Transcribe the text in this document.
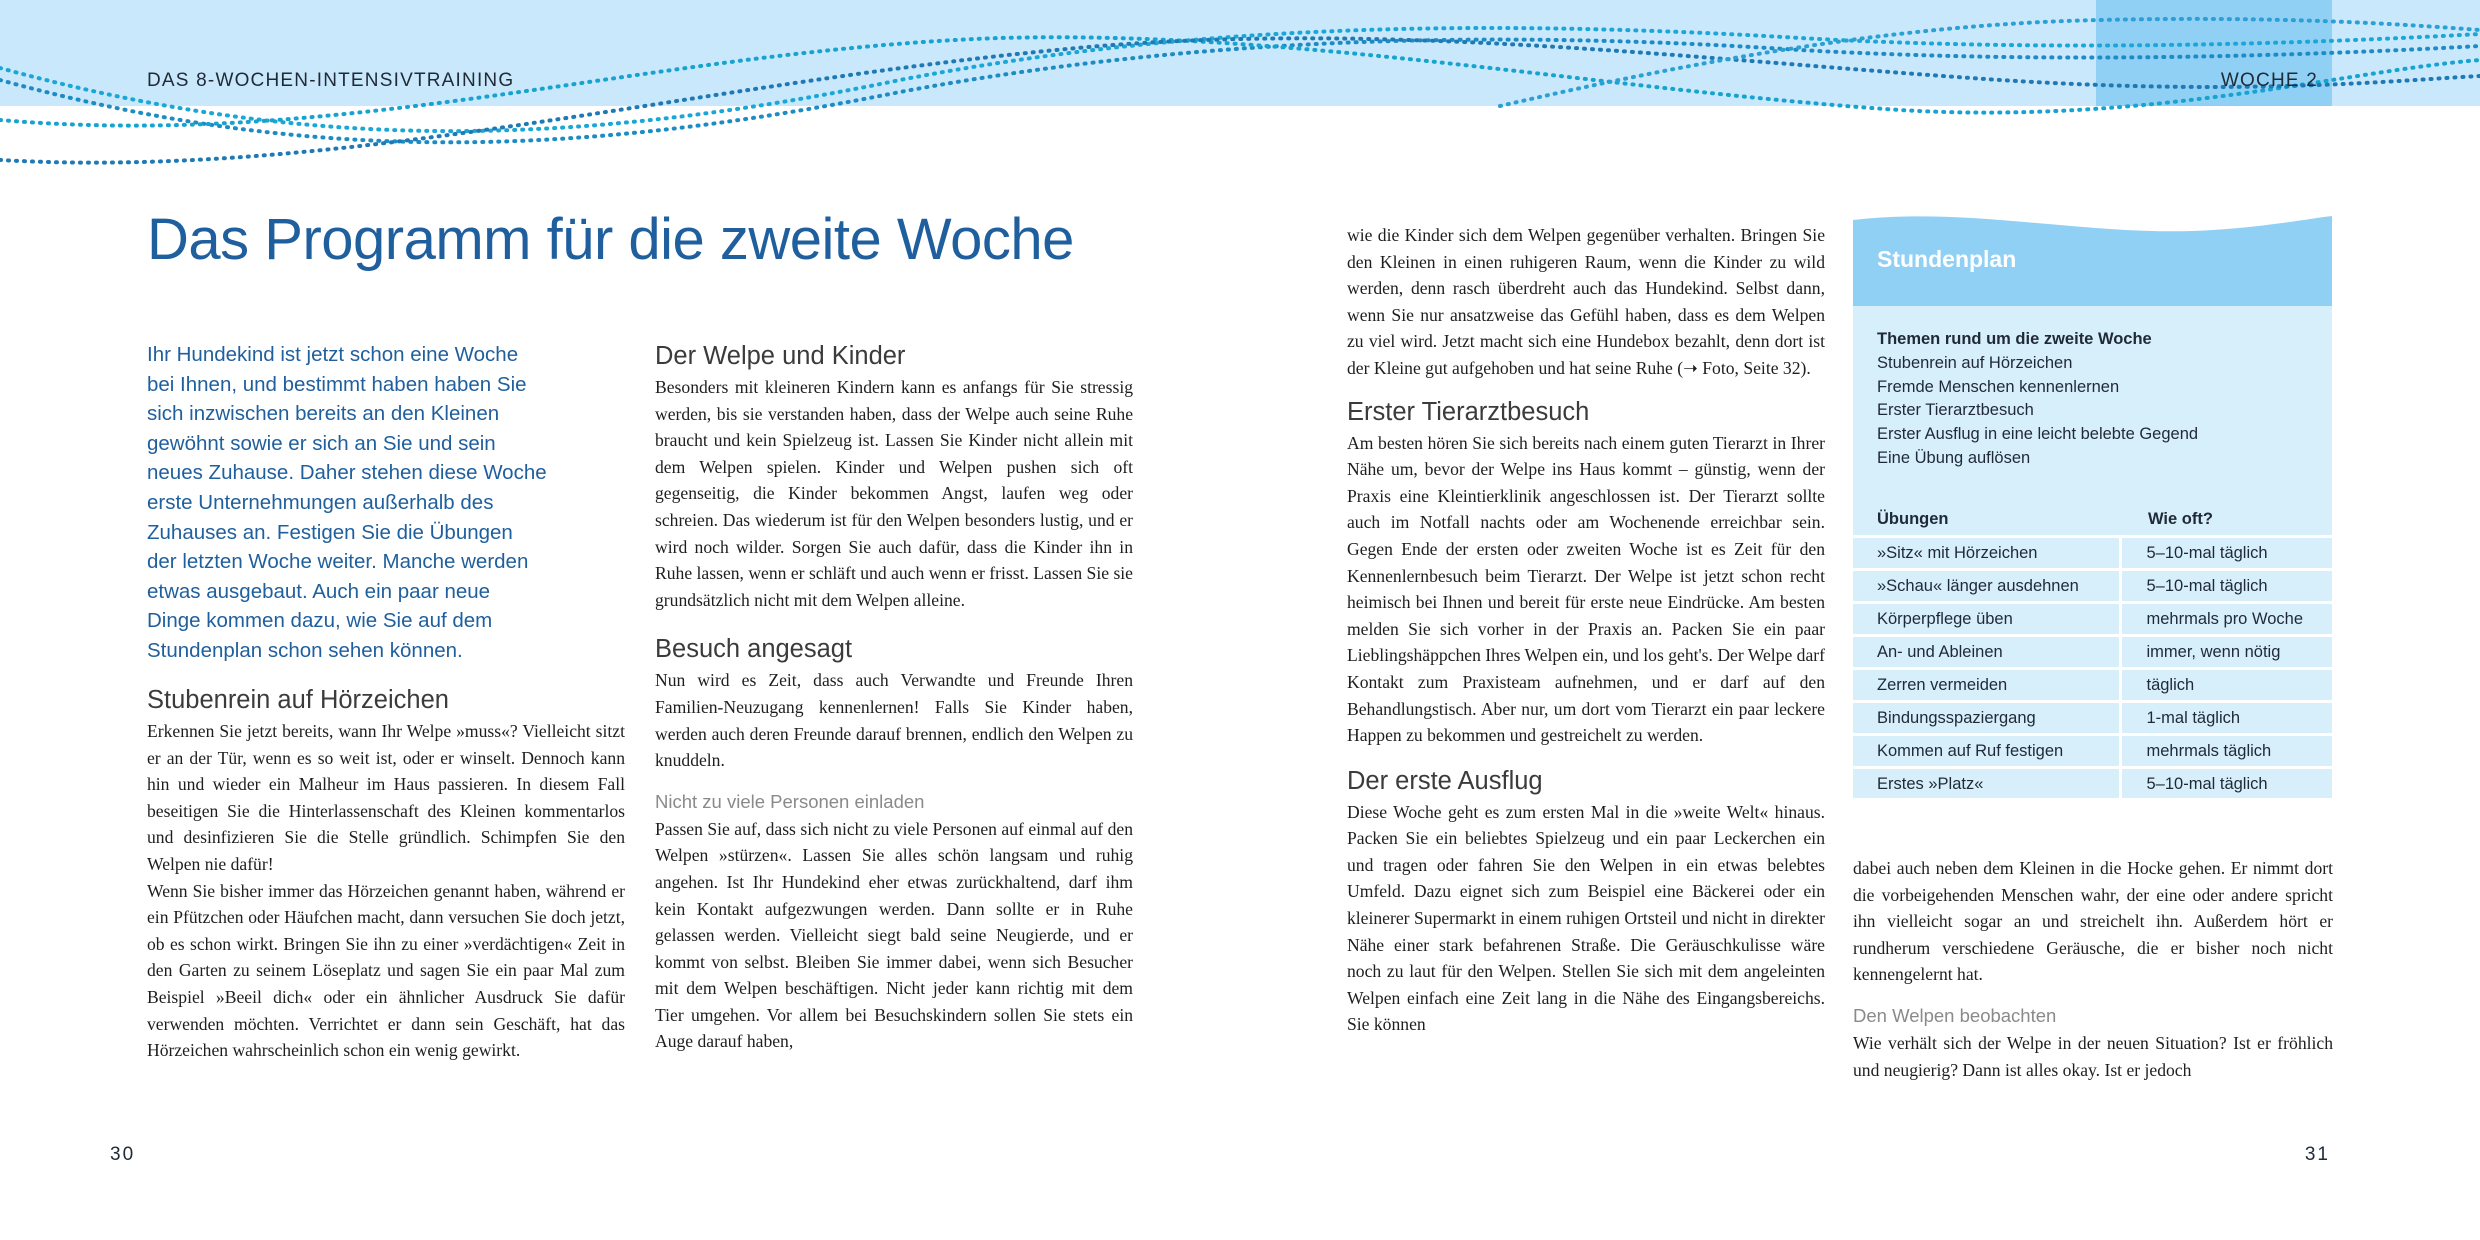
DAS 8-WOCHEN-INTENSIVTRAINING	WOCHE 2
Das Programm für die zweite Woche

Ihr Hundekind ist jetzt schon eine Woche bei Ihnen, und bestimmt haben haben Sie sich inzwischen bereits an den Kleinen gewöhnt sowie er sich an Sie und sein neues Zuhause. Daher stehen diese Woche erste Unternehmungen außerhalb des Zuhauses an. Festigen Sie die Übungen der letzten Woche weiter. Manche werden etwas ausgebaut. Auch ein paar neue Dinge kommen dazu, wie Sie auf dem Stundenplan schon sehen können.

Stubenrein auf Hörzeichen

Erkennen Sie jetzt bereits, wann Ihr Welpe »muss«? Vielleicht sitzt er an der Tür, wenn es so weit ist, oder er winselt. Dennoch kann hin und wieder ein Malheur im Haus passieren. In diesem Fall beseitigen Sie die Hinterlassenschaft des Kleinen kommentarlos und desinfizieren Sie die Stelle gründlich. Schimpfen Sie den Welpen nie dafür!

Wenn Sie bisher immer das Hörzeichen genannt haben, während er ein Pfützchen oder Häufchen macht, dann versuchen Sie doch jetzt, ob es schon wirkt. Bringen Sie ihn zu einer »verdächtigen« Zeit in den Garten zu seinem Löseplatz und sagen Sie ein paar Mal zum Beispiel »Beeil dich« oder ein ähnlicher Ausdruck Sie dafür verwenden möchten. Verrichtet er dann sein Geschäft, hat das Hörzeichen wahrscheinlich schon ein wenig gewirkt.

Der Welpe und Kinder

Besonders mit kleineren Kindern kann es anfangs für Sie stressig werden, bis sie verstanden haben, dass der Welpe auch seine Ruhe braucht und kein Spielzeug ist. Lassen Sie Kinder nicht allein mit dem Welpen spielen. Kinder und Welpen pushen sich oft gegenseitig, die Kinder bekommen Angst, laufen weg oder schreien. Das wiederum ist für den Welpen besonders lustig, und er wird noch wilder. Sorgen Sie auch dafür, dass die Kinder ihn in Ruhe lassen, wenn er schläft und auch wenn er frisst. Lassen Sie sie grundsätzlich nicht mit dem Welpen alleine.

Besuch angesagt

Nun wird es Zeit, dass auch Verwandte und Freunde Ihren Familien-Neuzugang kennenlernen! Falls Sie Kinder haben, werden auch deren Freunde darauf brennen, endlich den Welpen zu knuddeln.

Nicht zu viele Personen einladen

Passen Sie auf, dass sich nicht zu viele Personen auf einmal auf den Welpen »stürzen«. Lassen Sie alles schön langsam und ruhig angehen. Ist Ihr Hundekind eher etwas zurückhaltend, darf ihm kein Kontakt aufgezwungen werden. Dann sollte er in Ruhe gelassen werden. Vielleicht siegt bald seine Neugierde, und er kommt von selbst. Bleiben Sie immer dabei, wenn sich Besucher mit dem Welpen beschäftigen. Nicht jeder kann richtig mit dem Tier umgehen. Vor allem bei Besuchskindern sollen Sie stets ein Auge darauf haben,

wie die Kinder sich dem Welpen gegenüber verhalten. Bringen Sie den Kleinen in einen ruhigeren Raum, wenn die Kinder zu wild werden, denn rasch überdreht auch das Hundekind. Selbst dann, wenn Sie nur ansatzweise das Gefühl haben, dass es dem Welpen zu viel wird. Jetzt macht sich eine Hundebox bezahlt, denn dort ist der Kleine gut aufgehoben und hat seine Ruhe (➝ Foto, Seite 32).

Erster Tierarztbesuch

Am besten hören Sie sich bereits nach einem guten Tierarzt in Ihrer Nähe um, bevor der Welpe ins Haus kommt – günstig, wenn der Praxis eine Kleintierklinik angeschlossen ist. Der Tierarzt sollte auch im Notfall nachts oder am Wochenende erreichbar sein. Gegen Ende der ersten oder zweiten Woche ist es Zeit für den Kennenlernbesuch beim Tierarzt. Der Welpe ist jetzt schon recht heimisch bei Ihnen und bereit für erste neue Eindrücke. Am besten melden Sie sich vorher in der Praxis an. Packen Sie ein paar Lieblingshäppchen Ihres Welpen ein, und los geht's. Der Welpe darf Kontakt zum Praxisteam aufnehmen, und er darf auf den Behandlungstisch. Aber nur, um dort vom Tierarzt ein paar leckere Happen zu bekommen und gestreichelt zu werden.

Der erste Ausflug

Diese Woche geht es zum ersten Mal in die »weite Welt« hinaus. Packen Sie ein beliebtes Spielzeug und ein paar Leckerchen ein und tragen oder fahren Sie den Welpen in ein etwas belebtes Umfeld. Dazu eignet sich zum Beispiel eine Bäckerei oder ein kleinerer Supermarkt in einem ruhigen Ortsteil und nicht in direkter Nähe einer stark befahrenen Straße. Die Geräuschkulisse wäre noch zu laut für den Welpen. Stellen Sie sich mit dem angeleinten Welpen einfach eine Zeit lang in die Nähe des Eingangsbereichs. Sie können

dabei auch neben dem Kleinen in die Hocke gehen. Er nimmt dort die vorbeigehenden Menschen wahr, der eine oder andere spricht ihn vielleicht sogar an und streichelt ihn. Außerdem hört er rundherum verschiedene Geräusche, die er bisher noch nicht kennengelernt hat.

Den Welpen beobachten

Wie verhält sich der Welpe in der neuen Situation? Ist er fröhlich und neugierig? Dann ist alles okay. Ist er jedoch

Stundenplan
Themen rund um die zweite Woche
Stubenrein auf Hörzeichen
Fremde Menschen kennenlernen
Erster Tierarztbesuch
Erster Ausflug in eine leicht belebte Gegend
Eine Übung auflösen
Übungen	Wie oft?
»Sitz« mit Hörzeichen	5–10-mal täglich
»Schau« länger ausdehnen	5–10-mal täglich
Körperpflege üben	mehrmals pro Woche
An- und Ableinen	immer, wenn nötig
Zerren vermeiden	täglich
Bindungsspaziergang	1-mal täglich
Kommen auf Ruf festigen	mehrmals täglich
Erstes »Platz«	5–10-mal täglich
30	31
